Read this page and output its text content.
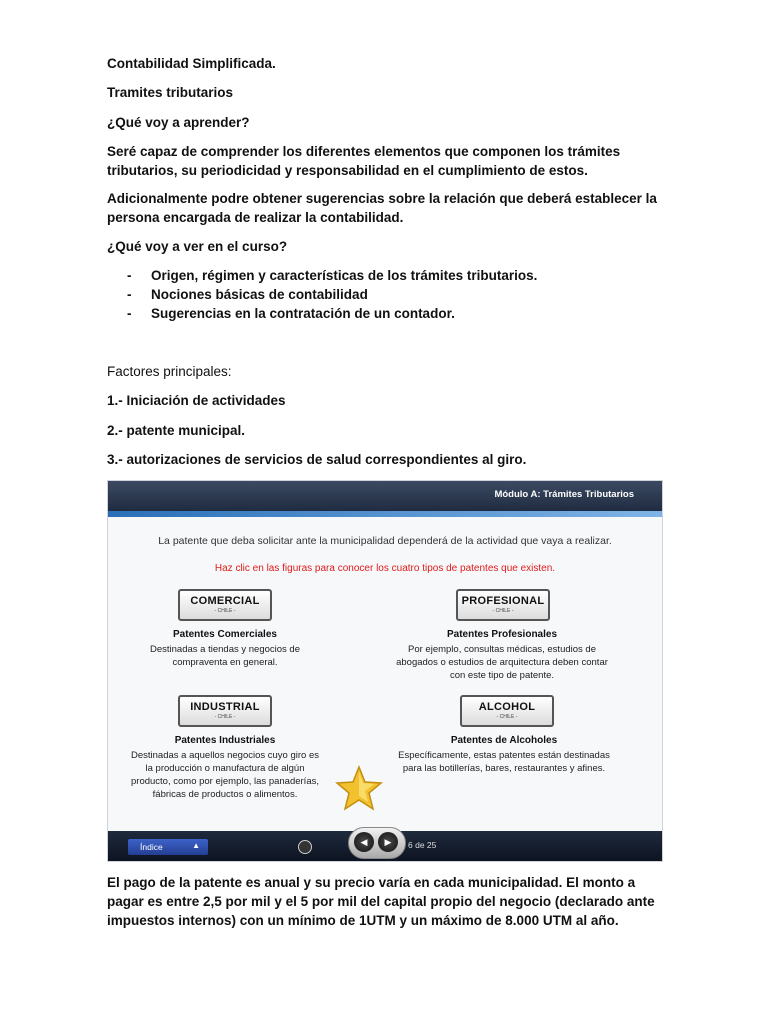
Contabilidad Simplificada.

Tramites tributarios

¿Qué voy a aprender?

Seré capaz de comprender los diferentes elementos que componen los trámites tributarios, su periodicidad y responsabilidad en el cumplimiento de estos.

Adicionalmente podre obtener sugerencias sobre la relación que deberá establecer la persona encargada de realizar la contabilidad.

¿Qué voy a ver en el curso?

- Origen, régimen y características de los trámites tributarios.
- Nociones básicas de contabilidad
- Sugerencias en la contratación de un contador.

Factores principales:

1.- Iniciación de actividades

2.- patente municipal.

3.- autorizaciones de servicios de salud correspondientes al giro.

Módulo A: Trámites Tributarios
La patente que deba solicitar ante la municipalidad dependerá de la actividad que vaya a realizar.
Haz clic en las figuras para conocer los cuatro tipos de patentes que existen.
COMERCIAL
- CHILE -
Patentes Comerciales
Destinadas a tiendas y negocios de compraventa en general.
PROFESIONAL
- CHILE -
Patentes Profesionales
Por ejemplo, consultas médicas, estudios de abogados o estudios de arquitectura deben contar con este tipo de patente.
INDUSTRIAL
- CHILE -
Patentes Industriales
Destinadas a aquellos negocios cuyo giro es la producción o manufactura de algún producto, como por ejemplo, las panaderías, fábricas de productos o alimentos.
ALCOHOL
- CHILE -
Patentes de Alcoholes
Específicamente, estas patentes están destinadas para las botillerías, bares, restaurantes y afines.
Índice	▲	◀	▶	6 de 25

El pago de la patente es anual y su precio varía en cada municipalidad. El monto a pagar es entre 2,5 por mil y el 5 por mil del capital propio del negocio (declarado ante impuestos internos) con un mínimo de 1UTM y un máximo de 8.000 UTM al año.
